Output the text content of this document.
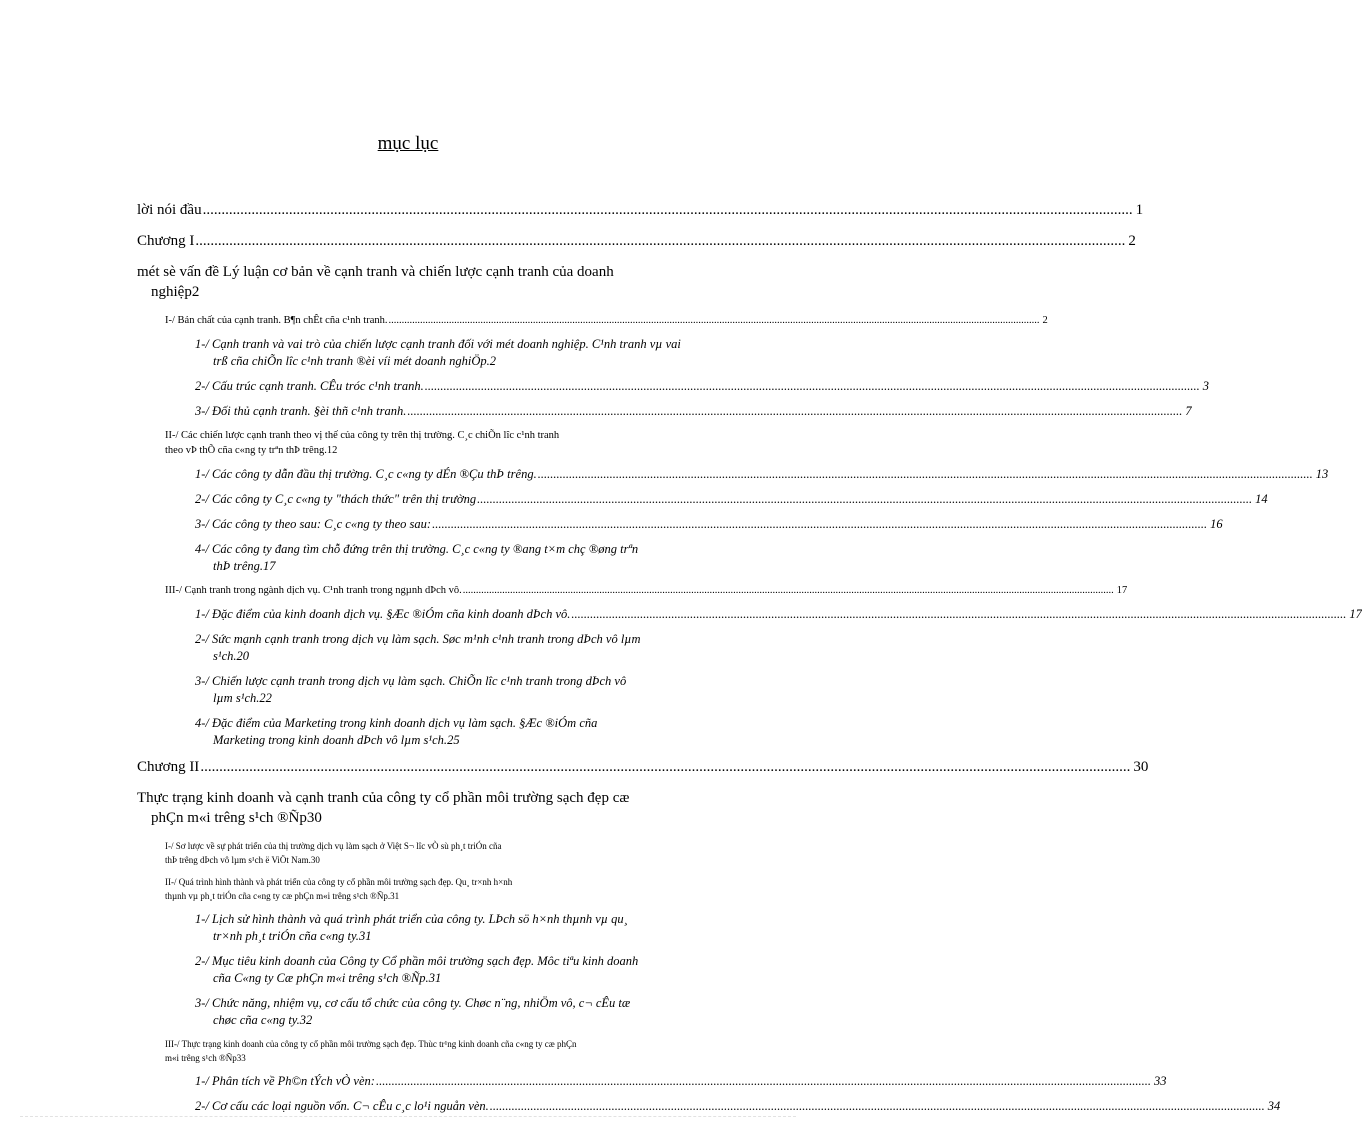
mục lục
lời nói đầu .....	1
Chương I .....	2
mét sè vấn đề Lý luận cơ bản về cạnh tranh và chiến lược cạnh tranh của doanh
nghiệp 2
I-/ Bản chất của cạnh tranh. B¶n chÊt cña c¹nh tranh. .....	2
1-/ Cạnh tranh và vai trò của chiến lược cạnh tranh đối với mét doanh nghiệp. C¹nh tranh vµ vai
trß cña chiÕn lîc c¹nh tranh ®èi víi mét doanh nghiÖp. 2
2-/ Cấu trúc cạnh tranh. CÊu tróc c¹nh tranh. .....	3
3-/ Đối thủ cạnh tranh. §èi thñ c¹nh tranh. .....	7
II-/ Các chiến lược cạnh tranh theo vị thế của công ty trên thị trường. C¸c chiÕn lîc c¹nh tranh
theo vÞ thÕ cña c«ng ty trªn thÞ trêng. 12
1-/ Các công ty dẫn đầu thị trường. C¸c c«ng ty dÉn ®Çu thÞ trêng. .....	13
2-/ Các công ty C¸c c«ng ty "thách thức" trên thị trường .....	14
3-/ Các công ty theo sau: C¸c c«ng ty theo sau: .....	16
4-/ Các công ty đang tìm chỗ đứng trên thị trường. C¸c c«ng ty ®ang t×m chç ®øng trªn
thÞ trêng. 17
III-/ Cạnh tranh trong ngành dịch vụ. C¹nh tranh trong ngµnh dÞch vô. .....	17
1-/ Đặc điểm của kinh doanh dịch vụ. §Æc ®iÓm cña kinh doanh dÞch vô. .....	17
2-/ Sức mạnh cạnh tranh trong dịch vụ làm sạch. Søc m¹nh c¹nh tranh trong dÞch vô lµm
s¹ch. 20
3-/ Chiến lược cạnh tranh trong dịch vụ làm sạch. ChiÕn lîc c¹nh tranh trong dÞch vô
lµm s¹ch. 22
4-/ Đặc điểm của Marketing trong kinh doanh dịch vụ làm sạch. §Æc ®iÓm cña
Marketing trong kinh doanh dÞch vô lµm s¹ch. 25
Chương II .....	30
Thực trạng kinh doanh và cạnh tranh của công ty cổ phần môi trường sạch đẹp cæ
phÇn m«i trêng s¹ch ®Ñp 30
I-/ Sơ lược về sự phát triển của thị trường dịch vụ làm sạch ở Việt S¬ lîc vÒ sù ph¸t triÓn cña
thÞ trêng dÞch vô lµm s¹ch ë ViÖt Nam. 30
II-/ Quá trình hình thành và phát triển của công ty cổ phần môi trường sạch đẹp. Qu¸ tr×nh h×nh
thµnh vµ ph¸t triÓn cña c«ng ty cæ phÇn m«i trêng s¹ch ®Ñp. 31
1-/ Lịch sử hình thành và quá trình phát triển của công ty. LÞch sö h×nh thµnh vµ qu¸
tr×nh ph¸t triÓn cña c«ng ty. 31
2-/ Mục tiêu kinh doanh của Công ty Cổ phần môi trường sạch đẹp. Môc tiªu kinh doanh
cña C«ng ty Cæ phÇn m«i trêng s¹ch ®Ñp. 31
3-/ Chức năng, nhiệm vụ, cơ cấu tổ chức của công ty. Chøc n¨ng, nhiÖm vô, c¬ cÊu tæ
chøc cña c«ng ty. 32
III-/ Thực trạng kinh doanh của công ty cổ phần môi trường sạch đẹp. Thùc tr¹ng kinh doanh cña c«ng ty cæ phÇn
m«i trêng s¹ch ®Ñp 33
1-/ Phân tích về Ph©n tÝch vÒ vèn: .....	33
2-/ Cơ cấu các loại nguồn vốn. C¬ cÊu c¸c lo¹i nguån vèn. .....	34
